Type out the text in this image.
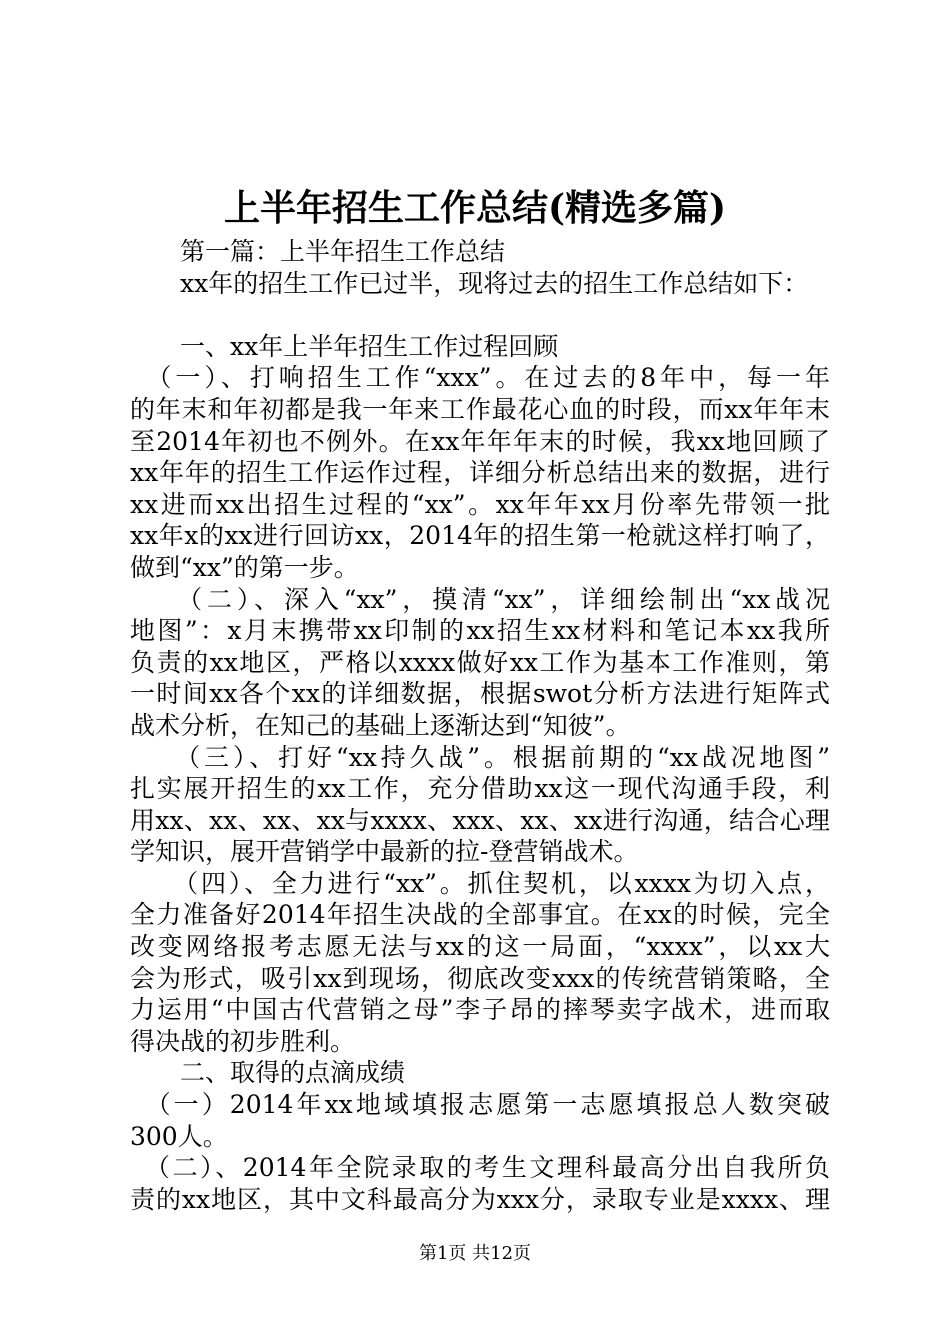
上半年招生工作总结(精选多篇)
　　第一篇：上半年招生工作总结
　　xx年的招生工作已过半，现将过去的招生工作总结如下：
　　一、xx年上半年招生工作过程回顾
　（一）、打响招生工作“xxx”。在过去的8年中，每一年
的年末和年初都是我一年来工作最花心血的时段，而xx年年末
至2014年初也不例外。在xx年年年末的时候，我xx地回顾了
xx年年的招生工作运作过程，详细分析总结出来的数据，进行
xx进而xx出招生过程的“xx”。xx年年xx月份率先带领一批
xx年x的xx进行回访xx，2014年的招生第一枪就这样打响了，
做到“xx”的第一步。
　　（二）、深入“xx”，摸清“xx”，详细绘制出“xx战况
地图”：x月末携带xx印制的xx招生xx材料和笔记本xx我所
负责的xx地区，严格以xxxx做好xx工作为基本工作准则，第
一时间xx各个xx的详细数据，根据swot分析方法进行矩阵式
战术分析，在知己的基础上逐渐达到“知彼”。
　　（三）、打好“xx持久战”。根据前期的“xx战况地图”
扎实展开招生的xx工作，充分借助xx这一现代沟通手段，利
用xx、xx、xx、xx与xxxx、xxx、xx、xx进行沟通，结合心理
学知识，展开营销学中最新的拉-登营销战术。
　　（四）、全力进行“xx”。抓住契机，以xxxx为切入点，
全力准备好2014年招生决战的全部事宜。在xx的时候，完全
改变网络报考志愿无法与xx的这一局面，“xxxx”，以xx大
会为形式，吸引xx到现场，彻底改变xxx的传统营销策略，全
力运用“中国古代营销之母”李子昂的摔琴卖字战术，进而取
得决战的初步胜利。
　　二、取得的点滴成绩
　（一）2014年xx地域填报志愿第一志愿填报总人数突破
300人。
　（二）、2014年全院录取的考生文理科最高分出自我所负
责的xx地区，其中文科最高分为xxx分，录取专业是xxxx、理
第1页 共12页
